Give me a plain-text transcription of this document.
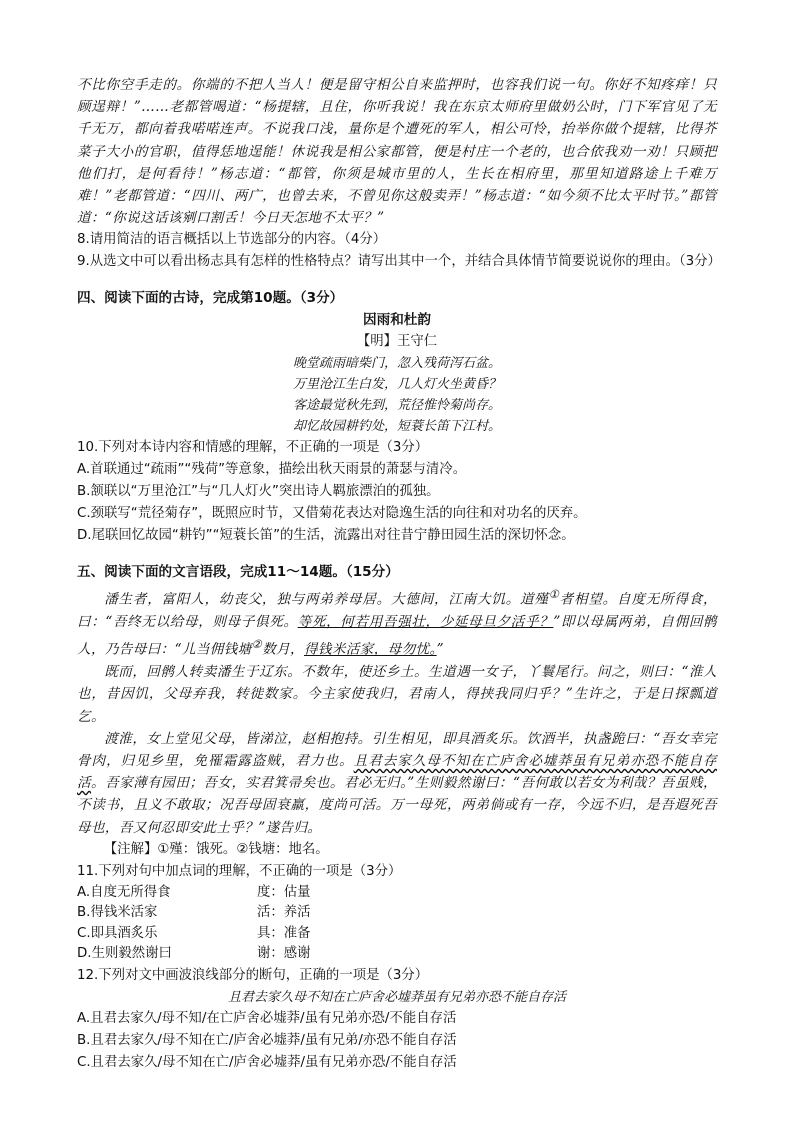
不比你空手走的。你端的不把人当人！便是留守相公自来监押时，也容我们说一句。你好不知疼痒！只顾逞辩！”……老都管喝道：“杨提辖，且住，你听我说！我在东京太师府里做奶公时，门下军官见了无千无万，都向着我喏喏连声。不说我口浅，量你是个遭死的军人，相公可怜，抬举你做个提辖，比得芥菜子大小的官职，值得恁地逞能！休说我是相公家都管，便是村庄一个老的，也合依我劝一劝！只顾把他们打，是何看待！”杨志道：“都管，你须是城市里的人，生长在相府里，那里知道路途上千难万难！”老都管道：“四川、两广，也曾去来，不曾见你这般卖弄！”杨志道：“如今须不比太平时节。”都管道：“你说这话该剜口割舌！今日天怎地不太平？”

8.请用简洁的语言概括以上节选部分的内容。（4分）

9.从选文中可以看出杨志具有怎样的性格特点？请写出其中一个，并结合具体情节简要说说你的理由。（3分）

四、阅读下面的古诗，完成第10题。（3分）

因雨和杜韵

【明】王守仁

晚堂疏雨暗柴门，忽入残荷泻石盆。

万里沧江生白发，几人灯火坐黄昏？

客途最觉秋先到，荒径惟怜菊尚存。

却忆故园耕钓处，短蓑长笛下江村。

10.下列对本诗内容和情感的理解，不正确的一项是（3分）

A.首联通过“疏雨”“残荷”等意象，描绘出秋天雨景的萧瑟与清冷。

B.颔联以“万里沧江”与“几人灯火”突出诗人羁旅漂泊的孤独。

C.颈联写“荒径菊存”，既照应时节，又借菊花表达对隐逸生活的向往和对功名的厌弃。

D.尾联回忆故园“耕钓”“短蓑长笛”的生活，流露出对往昔宁静田园生活的深切怀念。

五、阅读下面的文言语段，完成11～14题。（15分）

潘生者，富阳人，幼丧父，独与两弟养母居。大德间，江南大饥。道殣①者相望。自度无所得食，曰：“吾终无以给母，则母子俱死。等死，何若用吾强壮，少延母旦夕活乎？”即以母属两弟，自佣回鹘人，乃告母曰：“儿当佣钱塘②数月，得钱米活家，母勿忧。”

既而，回鹘人转卖潘生于辽东。不数年，使还乡土。生道遇一女子，丫鬟尾行。问之，则曰：“淮人也，昔因饥，父母弃我，转徙数家。今主家使我归，君南人，得挟我同归乎？”生许之，于是日探瓢道乞。

渡淮，女上堂见父母，皆涕泣，赵相抱持。引生相见，即具酒炙乐。饮酒半，执盏跪曰：“吾女幸完骨肉，归见乡里，免罹霜露盗贼，君力也。且君去家久母不知在亡庐舍必墟莽虽有兄弟亦恐不能自存活。吾家薄有园田；吾女，实君箕帚矣也。君必无归。”生则毅然谢曰：“吾何敢以若女为利哉？吾虽贱，不读书，且义不敢取；况吾母固衰羸，度尚可活。万一母死，两弟倘或有一存，今远不归，是吾遐死吾母也，吾又何忍即安此土乎？”遂告归。

【注解】①殣：饿死。②钱塘：地名。

11.下列对句中加点词的理解，不正确的一项是（3分）

A.自度无所得食	度：估量
B.得钱米活家	活：养活
C.即具酒炙乐	具：准备
D.生则毅然谢曰	谢：感谢

12.下列对文中画波浪线部分的断句，正确的一项是（3分）

且君去家久母不知在亡庐舍必墟莽虽有兄弟亦恐不能自存活

A.且君去家久/母不知/在亡庐舍必墟莽/虽有兄弟亦恐/不能自存活

B.且君去家久/母不知在亡/庐舍必墟莽/虽有兄弟/亦恐不能自存活

C.且君去家久/母不知在亡/庐舍必墟莽/虽有兄弟亦恐/不能自存活
